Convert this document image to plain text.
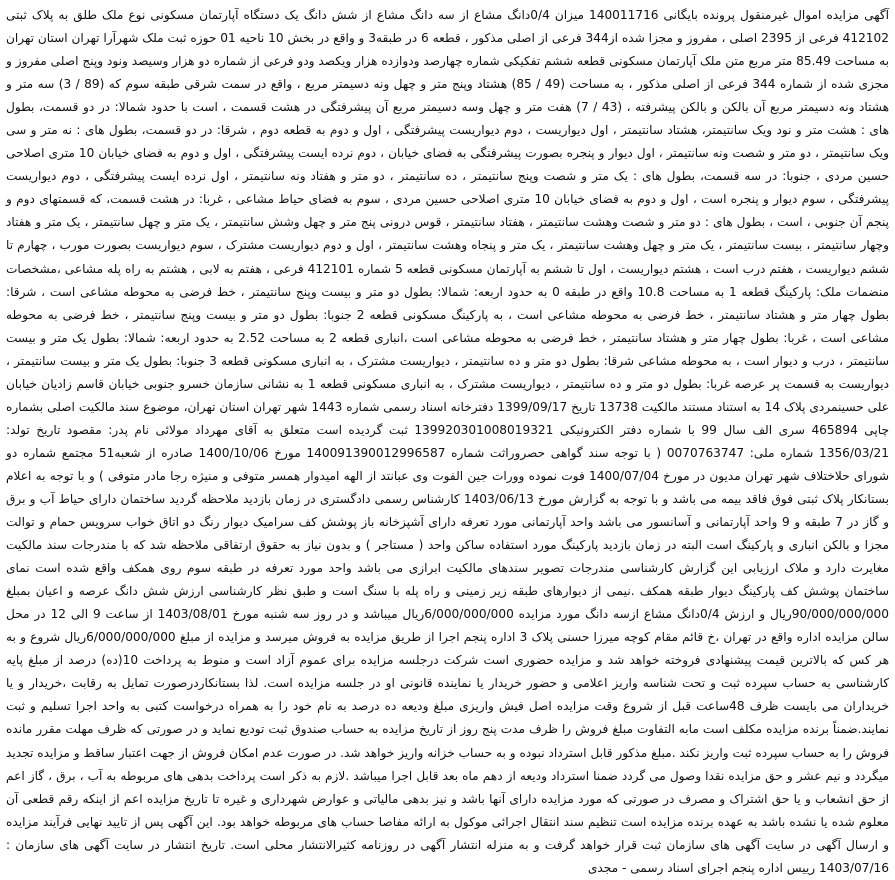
آگهی مزایده اموال غیرمنقول پرونده بایگانی 140011716 میزان 0/4دانگ مشاع از سه دانگ مشاع از شش دانگ یک دستگاه آپارتمان مسکونی نوع ملک طلق به پلاک ثبتی 412102 فرعی از 2395 اصلی ، مفروز و مجزا شده از344 فرعی از اصلی مذکور ، قطعه 6 در طبقه3 و واقع در بخش 10 ناحیه 01 حوزه ثبت ملک شهرآرا تهران استان تهران به مساحت 85.49 متر مربع متن ملک آپارتمان مسکونی قطعه ششم تفکیکی شماره چهارصد ودوازده هزار ویکصد ودو فرعی از شماره دو هزار وسیصد ونود وپنج اصلی مفروز و مجزی شده از شماره 344 فرعی از اصلی مذکور ، به مساحت (49 / 85) هشتاد وپنج متر و چهل ونه دسیمتر مربع ، واقع در سمت شرقی طبقه سوم که (89 / 3) سه متر و هشتاد ونه دسیمتر مربع آن بالکن و بالکن پیشرفته ، (43 / 7) هفت متر و چهل وسه دسیمتر مربع آن پیشرفتگی در هشت قسمت ، است با حدود شمالا: در دو قسمت، بطول های : هشت متر و نود ویک سانتیمتر، هشتاد سانتیمتر ، اول دیواریست ، دوم دیواریست پیشرفتگی ، اول و دوم به قطعه دوم ، شرقا: در دو قسمت، بطول های : نه متر و سی ویک سانتیمتر ، دو متر و شصت ونه سانتیمتر ، اول دیوار و پنجره بصورت پیشرفتگی به فضای خیابان ، دوم نرده ایست پیشرفتگی ، اول و دوم به فضای خیابان 10 متری اصلاحی حسین مردی ، جنوبا: در سه قسمت، بطول های : یک متر و شصت وپنج سانتیمتر ، ده سانتیمتر ، دو متر و هفتاد ونه سانتیمتر ، اول نرده ایست پیشرفتگی ، دوم دیواریست پیشرفتگی ، سوم دیوار و پنجره است ، اول و دوم به فضای خیابان 10 متری اصلاحی حسین مردی ، سوم به فضای حیاط مشاعی ، غربا: در هشت قسمت، که قسمتهای دوم و پنجم آن جنوبی ، است ، بطول های : دو متر و شصت وهشت سانتیمتر ، هفتاد سانتیمتر ، قوس درونی پنج متر و چهل وشش سانتیمتر ، یک متر و چهل سانتیمتر ، یک متر و هفتاد وچهار سانتیمتر ، بیست سانتیمتر ، یک متر و چهل وهشت سانتیمتر ، یک متر و پنجاه وهشت سانتیمتر ، اول و دوم دیواریست مشترک ، سوم دیواریست بصورت مورب ، چهارم تا ششم دیواریست ، هفتم درب است ، هشتم دیواریست ، اول تا ششم به آپارتمان مسکونی قطعه 5 شماره 412101 فرعی ، هفتم به لابی ، هشتم به راه پله مشاعی ،مشخصات منضمات ملک: پارکینگ قطعه 1 به مساحت 10.8 واقع در طبقه 0 به حدود اربعه: شمالا: بطول دو متر و بیست وپنج سانتیمتر ، خط فرضی به محوطه مشاعی است ، شرقا: بطول چهار متر و هشتاد سانتیمتر ، خط فرضی به محوطه مشاعی است ، به پارکینگ مسکونی قطعه 2 جنوبا: بطول دو متر و بیست وپنج سانتیمتر ، خط فرضی به محوطه مشاعی است ، غربا: بطول چهار متر و هشتاد سانتیمتر ، خط فرضی به محوطه مشاعی است ،انباری قطعه 2 به مساحت 2.52 به حدود اربعه: شمالا: بطول یک متر و بیست سانتیمتر ، درب و دیوار است ، به محوطه مشاعی شرقا: بطول دو متر و ده سانتیمتر ، دیواریست مشترک ، به انباری مسکونی قطعه 3 جنوبا: بطول یک متر و بیست سانتیمتر ، دیواریست به قسمت پر عرصه غربا: بطول دو متر و ده سانتیمتر ، دیواریست مشترک ، به انباری مسکونی قطعه 1 به نشانی سازمان خسرو جنوبی خیابان قاسم زادیان خیابان علی حسینمردی پلاک 14 به استناد مستند مالکیت 13738 تاریخ 1399/09/17 دفترخانه اسناد رسمی شماره 1443 شهر تهران استان تهران، موضوع سند مالکیت اصلی بشماره چاپی 465894 سری الف سال 99 با شماره دفتر الکترونیکی 139920301008019321 ثبت گردیده است متعلق به آقای مهرداد مولائی نام پدر: مقصود تاریخ تولد: 1356/03/21 شماره ملی: 0070763747 ( با توجه سند گواهی حصروراثت شماره 140091390012996587 مورخ 1400/10/06 صادره از شعبه51 مجتمع شماره دو شورای حلاختلاف شهر تهران مدیون در مورخ 1400/07/04 فوت نموده وورات جین الفوت وی عبانتد از الهه امیدوار همسر متوفی و منیژه رجا مادر متوفی ) و با توجه به اعلام بستانکار پلاک ثبتی فوق فاقد بیمه می باشد و با توجه به گزارش مورخ 1403/06/13 کارشناس رسمی دادگستری در زمان بازدید ملاحظه گردید ساختمان دارای حیاط آب و برق و گاز در 7 طبقه و 9 واحد آپارتمانی و آسانسور می باشد واحد آپارتمانی مورد تعرفه دارای آشپزخانه باز پوشش کف سرامیک دیوار رنگ دو اتاق خواب سرویس حمام و توالت مجزا و بالکن انباری و پارکینگ است البته در زمان بازدید پارکینگ مورد استفاده ساکن واحد ( مستاجر ) و بدون نیاز به حقوق ارتفاقی ملاحظه شد که با مندرجات سند مالکیت مغایرت دارد و ملاک ارزیابی این گزارش کارشناسی مندرجات تصویر سندهای مالکیت ابرازی می باشد واحد مورد تعرفه در طبقه سوم روی همکف واقع شده است نمای ساختمان پوشش کف پارکینگ دیوار طبقه همکف .نیمی از دیوارهای طبقه زیر زمینی و راه پله با سنگ است و طبق نظر کارشناسی ارزش شش دانگ عرصه و اعیان بمبلغ 90/000/000/000ریال و ارزش 0/4دانگ مشاع ازسه دانگ مورد مزایده 6/000/000/000ریال میباشد و در روز سه شنبه مورخ 1403/08/01 از ساعت 9 الی 12 در محل سالن مزایده اداره واقع در تهران ،خ قائم مقام کوچه میرزا حسنی پلاک 3 اداره پنجم اجرا از طریق مزایده به فروش میرسد و مزایده از مبلغ 6/000/000/000ریال شروع و به هر کس که بالاترین قیمت پیشنهادی فروخته خواهد شد و مزایده حضوری است شرکت درجلسه مزایده برای عموم آزاد است و منوط به پرداخت 10(ده) درصد از مبلغ پایه کارشناسی به حساب سپرده ثبت و تحت شناسه واریز اعلامی و حضور خریدار یا نماینده قانونی او در جلسه مزایده است. لذا بستانکاردرصورت تمایل به رقابت ،خریدار و یا خریداران می بایست ظرف 48ساعت قبل از شروع وقت مزایده اصل فیش واریزی مبلغ ودیعه ده درصد به نام خود را به همراه درخواست کتبی به واحد اجرا تسلیم و ثبت نمایند.ضمناً برنده مزایده مکلف است مابه التفاوت مبلغ فروش را ظرف مدت پنج روز از تاریخ مزایده به حساب صندوق ثبت تودیع نماید و در صورتی که ظرف مهلت مقرر مانده فروش را به حساب سپرده ثبت واریز نکند .مبلغ مذکور قابل استرداد نبوده و به حساب خزانه واریز خواهد شد. در صورت عدم امکان فروش از جهت اعتبار ساقط و مزایده تجدید میگردد و نیم عشر و حق مزایده نقدا وصول می گردد ضمنا استرداد ودیعه از دهم ماه بعد قابل اجرا میباشد .لازم به ذکر است پرداخت بدهی های مربوطه به آب ، برق ، گاز اعم از حق انشعاب و یا حق اشتراک و مصرف در صورتی که مورد مزایده دارای آنها باشد و نیز بدهی مالیاتی و عوارض شهرداری و غیره تا تاریخ مزایده اعم از اینکه رقم قطعی آن معلوم شده یا نشده باشد به عهده برنده مزایده است تنظیم سند انتقال اجرائی موکول به ارائه مفاصا حساب های مربوطه خواهد بود. این آگهی پس از تایید نهایی فرآیند مزایده و ارسال آگهی در سایت آگهی های سازمان ثبت قرار خواهد گرفت و به منزله انتشار آگهی در روزنامه کثیرالانتشار محلی است. تاریخ انتشار در سایت آگهی های سازمان : 1403/07/16 رییس اداره پنجم اجرای اسناد رسمی - مجدی
